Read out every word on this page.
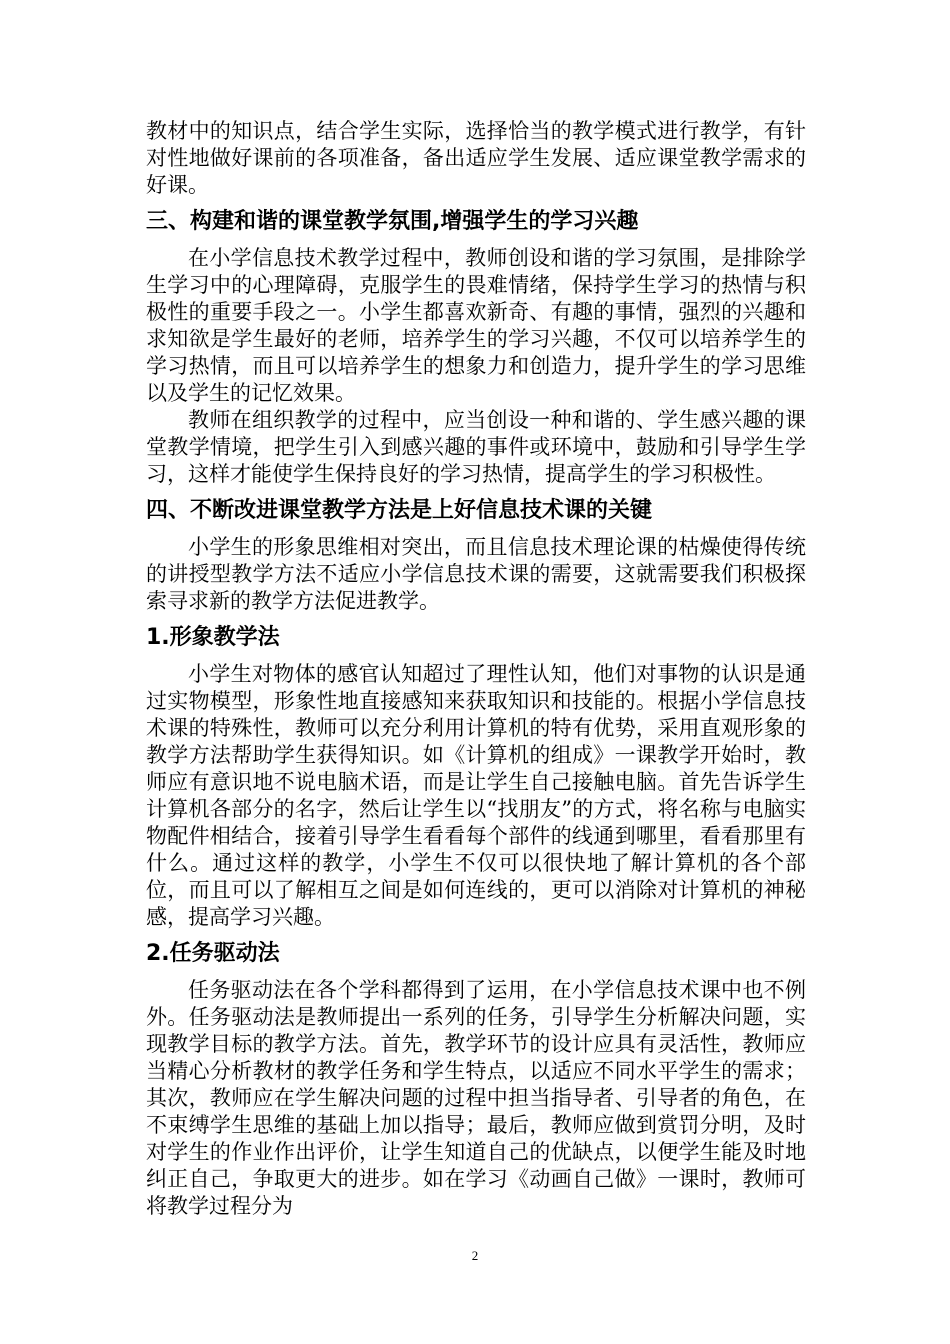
教材中的知识点，结合学生实际，选择恰当的教学模式进行教学，有针对性地做好课前的各项准备，备出适应学生发展、适应课堂教学需求的好课。

三、构建和谐的课堂教学氛围,增强学生的学习兴趣

在小学信息技术教学过程中，教师创设和谐的学习氛围，是排除学生学习中的心理障碍，克服学生的畏难情绪，保持学生学习的热情与积极性的重要手段之一。小学生都喜欢新奇、有趣的事情，强烈的兴趣和求知欲是学生最好的老师，培养学生的学习兴趣，不仅可以培养学生的学习热情，而且可以培养学生的想象力和创造力，提升学生的学习思维以及学生的记忆效果。

教师在组织教学的过程中，应当创设一种和谐的、学生感兴趣的课堂教学情境，把学生引入到感兴趣的事件或环境中，鼓励和引导学生学习，这样才能使学生保持良好的学习热情，提高学生的学习积极性。

四、不断改进课堂教学方法是上好信息技术课的关键

小学生的形象思维相对突出，而且信息技术理论课的枯燥使得传统的讲授型教学方法不适应小学信息技术课的需要，这就需要我们积极探索寻求新的教学方法促进教学。

1.形象教学法

小学生对物体的感官认知超过了理性认知，他们对事物的认识是通过实物模型，形象性地直接感知来获取知识和技能的。根据小学信息技术课的特殊性，教师可以充分利用计算机的特有优势，采用直观形象的教学方法帮助学生获得知识。如《计算机的组成》一课教学开始时，教师应有意识地不说电脑术语，而是让学生自己接触电脑。首先告诉学生计算机各部分的名字，然后让学生以“找朋友”的方式，将名称与电脑实物配件相结合，接着引导学生看看每个部件的线通到哪里，看看那里有什么。通过这样的教学，小学生不仅可以很快地了解计算机的各个部位，而且可以了解相互之间是如何连线的，更可以消除对计算机的神秘感，提高学习兴趣。

2.任务驱动法

任务驱动法在各个学科都得到了运用，在小学信息技术课中也不例外。任务驱动法是教师提出一系列的任务，引导学生分析解决问题，实现教学目标的教学方法。首先，教学环节的设计应具有灵活性，教师应当精心分析教材的教学任务和学生特点，以适应不同水平学生的需求；其次，教师应在学生解决问题的过程中担当指导者、引导者的角色，在不束缚学生思维的基础上加以指导；最后，教师应做到赏罚分明，及时对学生的作业作出评价，让学生知道自己的优缺点，以便学生能及时地纠正自己，争取更大的进步。如在学习《动画自己做》一课时，教师可将教学过程分为

2
